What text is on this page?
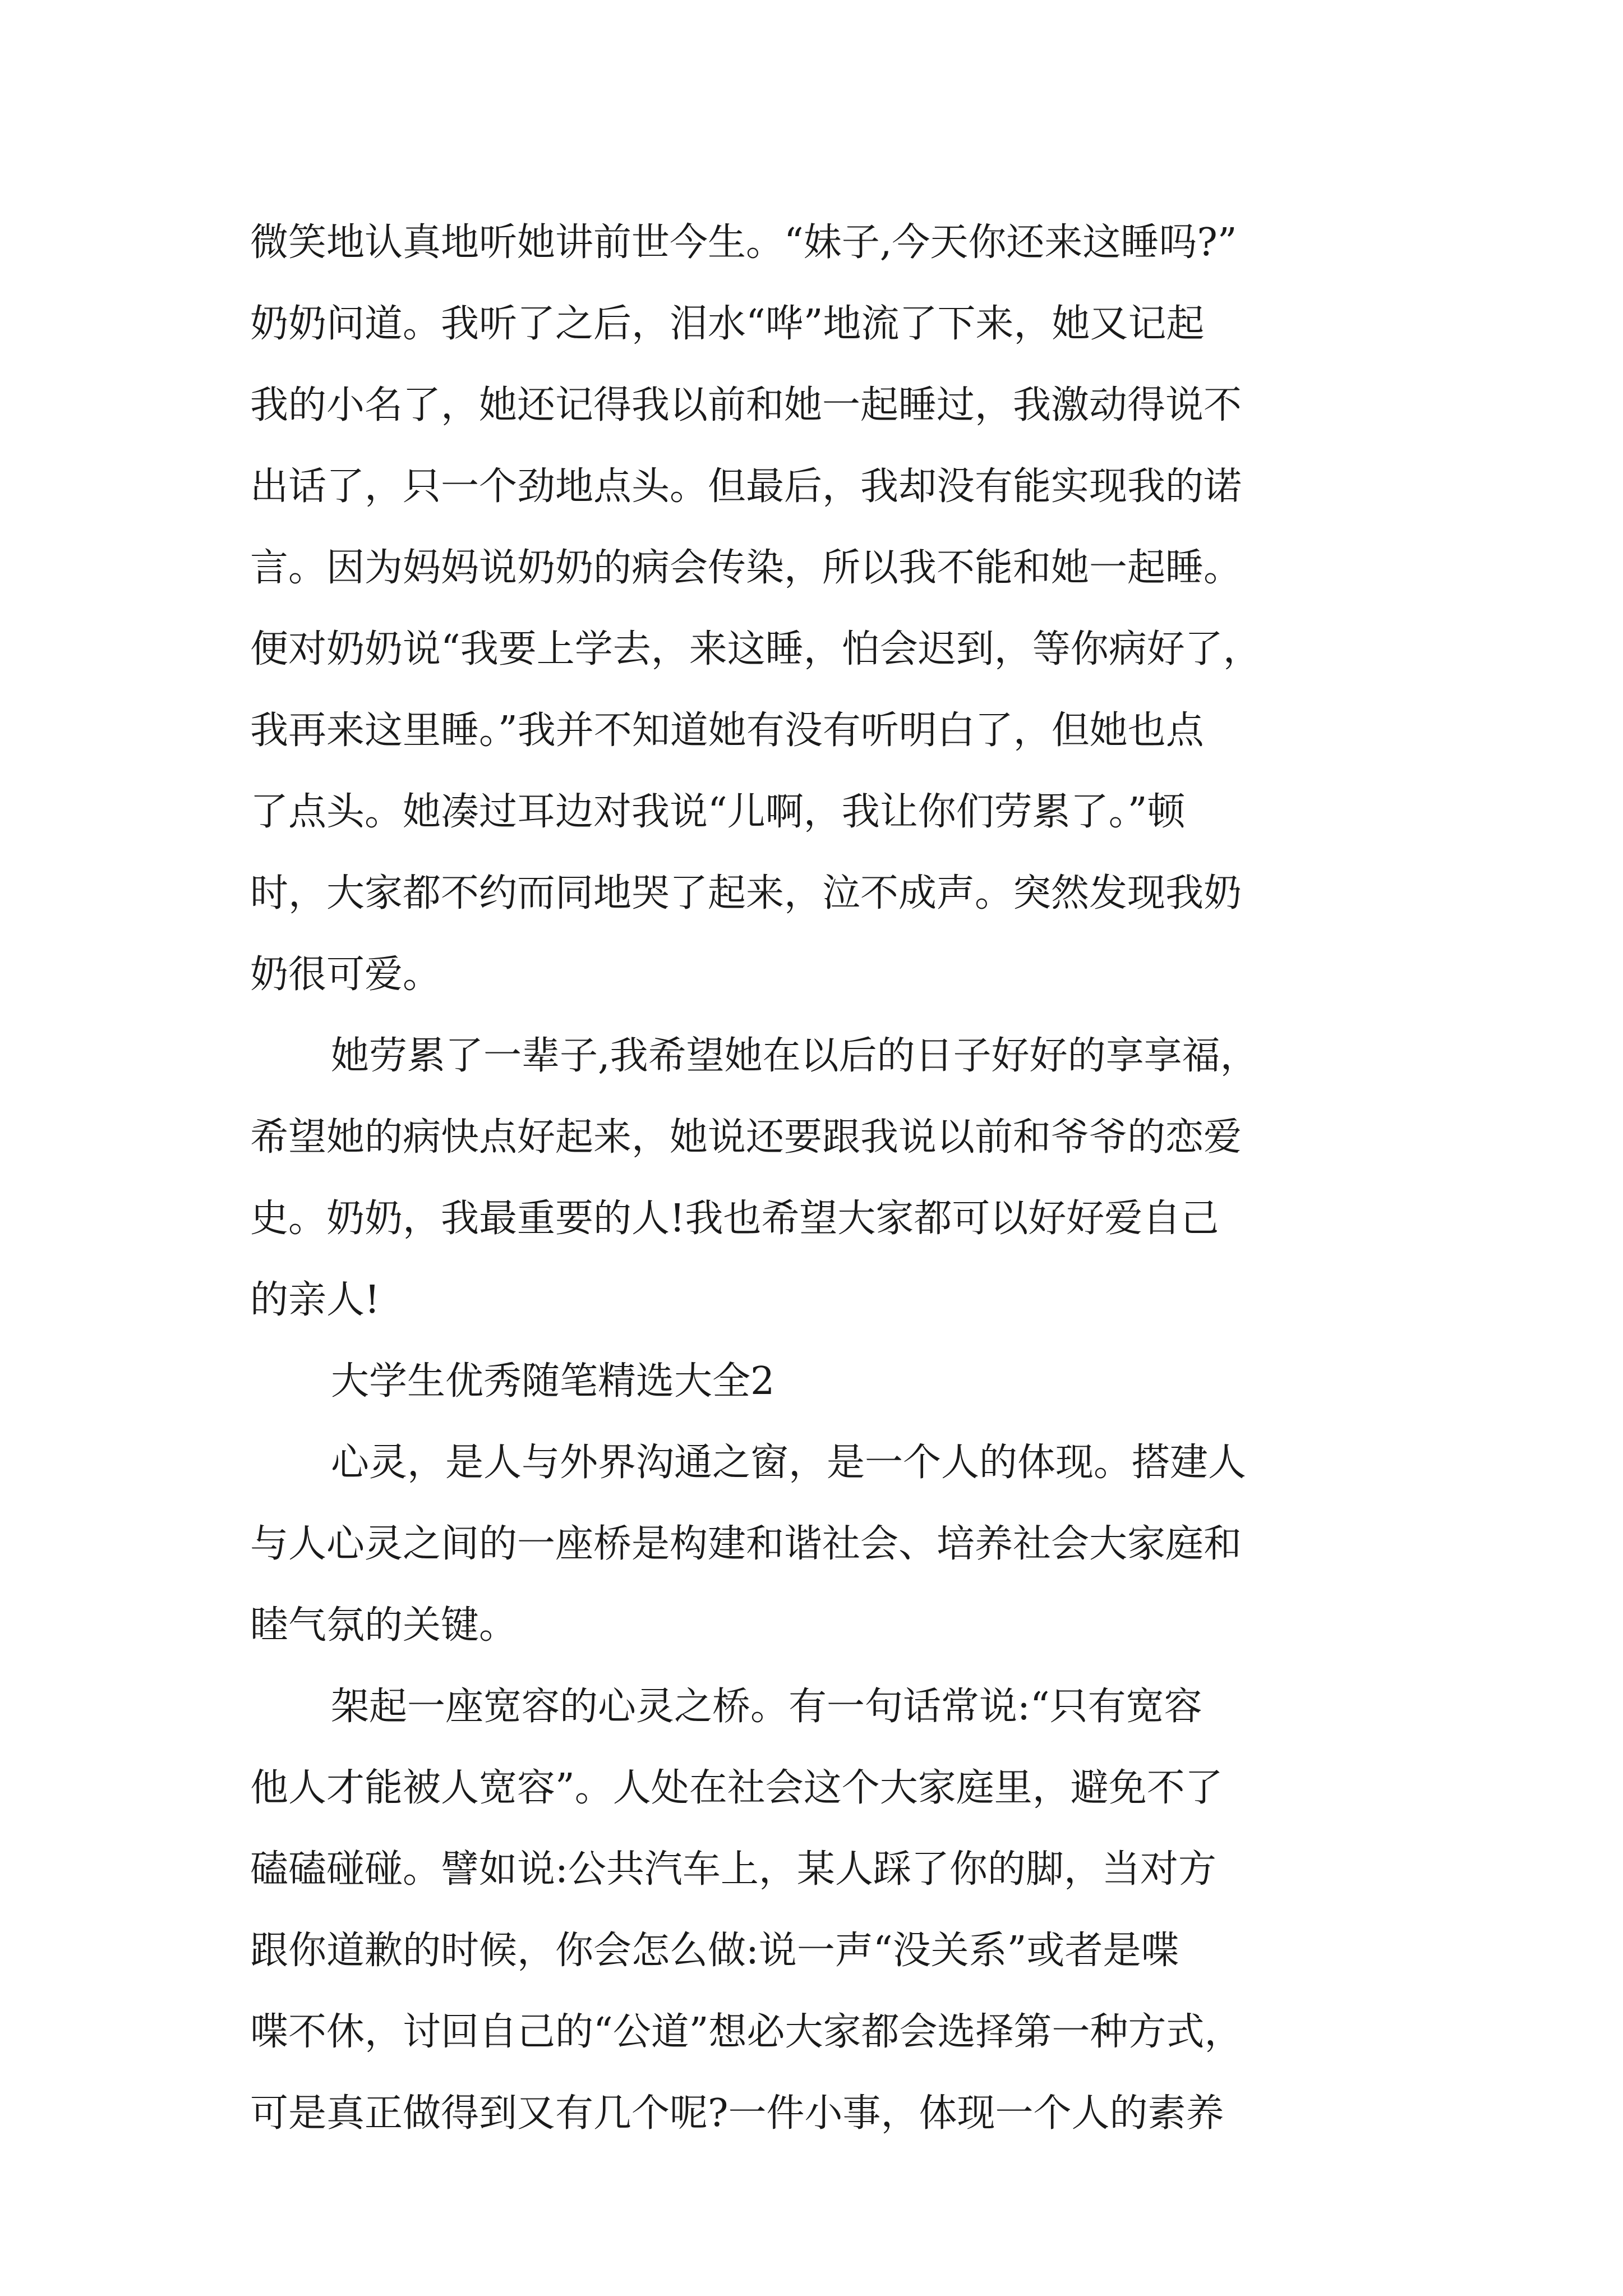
微笑地认真地听她讲前世今生。“妹子,今天你还来这睡吗?”
奶奶问道。我听了之后，泪水“哗”地流了下来，她又记起
我的小名了，她还记得我以前和她一起睡过，我激动得说不
出话了，只一个劲地点头。但最后，我却没有能实现我的诺
言。因为妈妈说奶奶的病会传染，所以我不能和她一起睡。
便对奶奶说“我要上学去，来这睡，怕会迟到，等你病好了，
我再来这里睡。”我并不知道她有没有听明白了，但她也点
了点头。她凑过耳边对我说“儿啊，我让你们劳累了。”顿
时，大家都不约而同地哭了起来，泣不成声。突然发现我奶
奶很可爱。
她劳累了一辈子,我希望她在以后的日子好好的享享福，
希望她的病快点好起来，她说还要跟我说以前和爷爷的恋爱
史。奶奶，我最重要的人!我也希望大家都可以好好爱自己
的亲人!
大学生优秀随笔精选大全2
心灵，是人与外界沟通之窗，是一个人的体现。搭建人
与人心灵之间的一座桥是构建和谐社会、培养社会大家庭和
睦气氛的关键。
架起一座宽容的心灵之桥。有一句话常说:“只有宽容
他人才能被人宽容”。人处在社会这个大家庭里，避免不了
磕磕碰碰。譬如说:公共汽车上，某人踩了你的脚，当对方
跟你道歉的时候，你会怎么做:说一声“没关系”或者是喋
喋不休，讨回自己的“公道”想必大家都会选择第一种方式，
可是真正做得到又有几个呢?一件小事，体现一个人的素养
